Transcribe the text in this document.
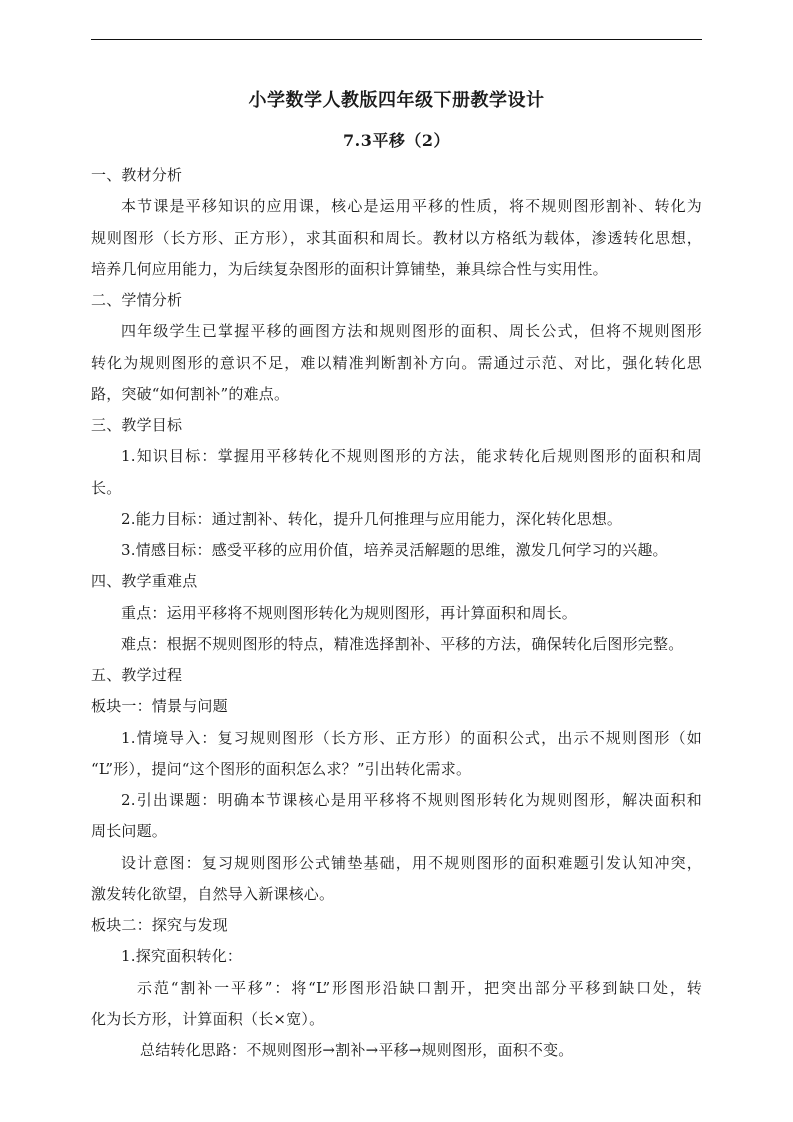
小学数学人教版四年级下册教学设计
7.3平移（2）
一、教材分析
本节课是平移知识的应用课，核心是运用平移的性质，将不规则图形割补、转化为
规则图形（长方形、正方形），求其面积和周长。教材以方格纸为载体，渗透转化思想，
培养几何应用能力，为后续复杂图形的面积计算铺垫，兼具综合性与实用性。
二、学情分析
四年级学生已掌握平移的画图方法和规则图形的面积、周长公式，但将不规则图形
转化为规则图形的意识不足，难以精准判断割补方向。需通过示范、对比，强化转化思
路，突破“如何割补”的难点。
三、教学目标
1.知识目标：掌握用平移转化不规则图形的方法，能求转化后规则图形的面积和周
长。
2.能力目标：通过割补、转化，提升几何推理与应用能力，深化转化思想。
3.情感目标：感受平移的应用价值，培养灵活解题的思维，激发几何学习的兴趣。
四、教学重难点
重点：运用平移将不规则图形转化为规则图形，再计算面积和周长。
难点：根据不规则图形的特点，精准选择割补、平移的方法，确保转化后图形完整。
五、教学过程
板块一：情景与问题
1.情境导入：复习规则图形（长方形、正方形）的面积公式，出示不规则图形（如
“L”形），提问“这个图形的面积怎么求？”引出转化需求。
2.引出课题：明确本节课核心是用平移将不规则图形转化为规则图形，解决面积和
周长问题。
设计意图：复习规则图形公式铺垫基础，用不规则图形的面积难题引发认知冲突，
激发转化欲望，自然导入新课核心。
板块二：探究与发现
1.探究面积转化：
示范“割补一平移”：将“L”形图形沿缺口割开，把突出部分平移到缺口处，转
化为长方形，计算面积（长×宽）。
总结转化思路：不规则图形→割补→平移→规则图形，面积不变。
